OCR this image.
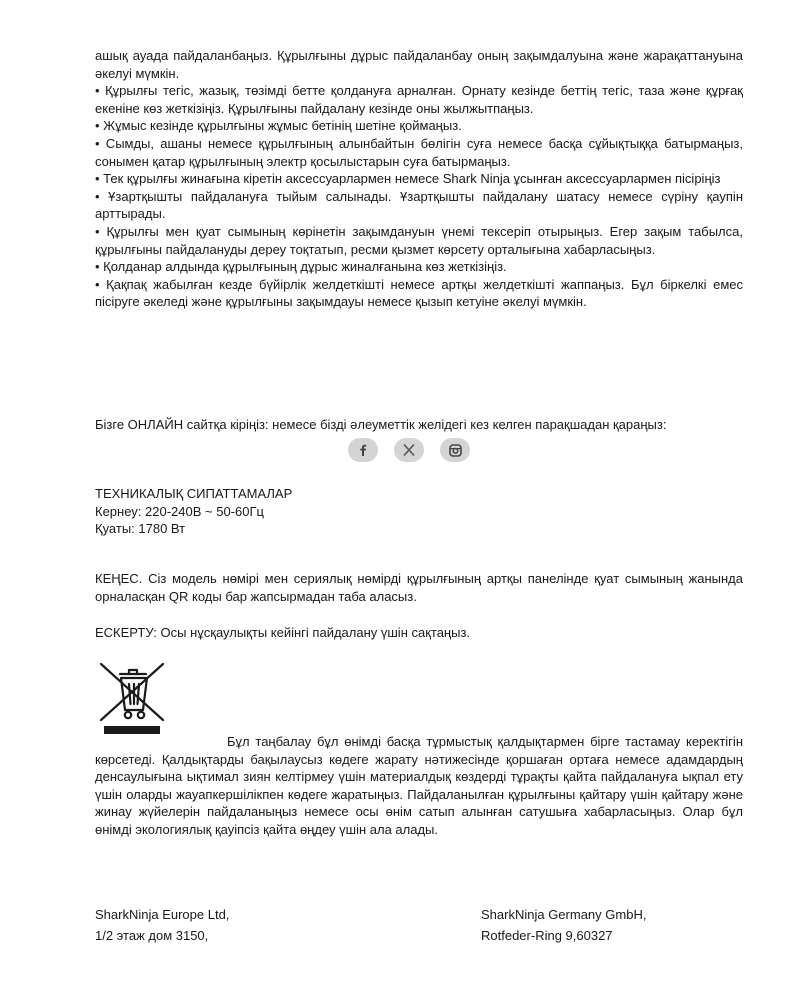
ашық ауада пайдаланбаңыз. Құрылғыны дұрыс пайдаланбау оның зақымдалуына және жарақаттануына әкелуі мүмкін.

• Құрылғы тегіс, жазық, төзімді бетте қолдануға арналған. Орнату кезінде беттің тегіс, таза және құрғақ екеніне көз жеткізіңіз. Құрылғыны пайдалану кезінде оны жылжытпаңыз.

• Жұмыс кезінде құрылғыны жұмыс бетінің шетіне қоймаңыз.

• Сымды, ашаны немесе құрылғының алынбайтын бөлігін суға немесе басқа сұйықтыққа батырмаңыз, сонымен қатар құрылғының электр қосылыстарын суға батырмаңыз.

• Тек құрылғы жинағына кіретін аксессуарлармен немесе Shark Ninja ұсынған аксессуарлармен пісіріңіз

• Ұзартқышты пайдалануға тыйым салынады. Ұзартқышты пайдалану шатасу немесе сүріну қаупін арттырады.

• Құрылғы мен қуат сымының көрінетін зақымдануын үнемі тексеріп отырыңыз. Егер зақым табылса, құрылғыны пайдалануды дереу тоқтатып, ресми қызмет көрсету орталығына хабарласыңыз.

• Қолданар алдында құрылғының дұрыс жиналғанына көз жеткізіңіз.

• Қақпақ жабылған кезде бүйірлік желдеткішті немесе артқы желдеткішті жаппаңыз. Бұл біркелкі емес пісіруге әкеледі және құрылғыны зақымдауы немесе қызып кетуіне әкелуі мүмкін.

Бізге ОНЛАЙН сайтқа кіріңіз: немесе бізді әлеуметтік желідегі кез келген парақшадан қараңыз:
ТЕХНИКАЛЫҚ СИПАТТАМАЛАР
Кернеу: 220-240В ~ 50-60Гц
Қуаты: 1780 Вт
КЕҢЕС. Сіз модель нөмірі мен сериялық нөмірді құрылғының артқы панелінде қуат сымының жанында орналасқан QR коды бар жапсырмадан таба аласыз.
ЕСКЕРТУ: Осы нұсқаулықты кейінгі пайдалану үшін сақтаңыз.

Бұл таңбалау бұл өнімді басқа тұрмыстық қалдықтармен бірге тастамау керектігін көрсетеді. Қалдықтарды бақылаусыз көдеге жарату нәтижесінде қоршаған ортаға немесе адамдардың денсаулығына ықтимал зиян келтірмеу үшін материалдық көздерді тұрақты қайта пайдалануға ықпал ету үшін оларды жауапкершілікпен көдеге жаратыңыз. Пайдаланылған құрылғыны қайтару үшін қайтару және жинау жүйелерін пайдаланыңыз немесе осы өнім сатып алынған сатушыға хабарласыңыз. Олар бұл өнімді экологиялық қауіпсіз қайта өңдеу үшін ала алады.

SharkNinja Europe Ltd,
1/2 этаж дом 3150,
SharkNinja Germany GmbH,
Rotfeder-Ring 9,60327
